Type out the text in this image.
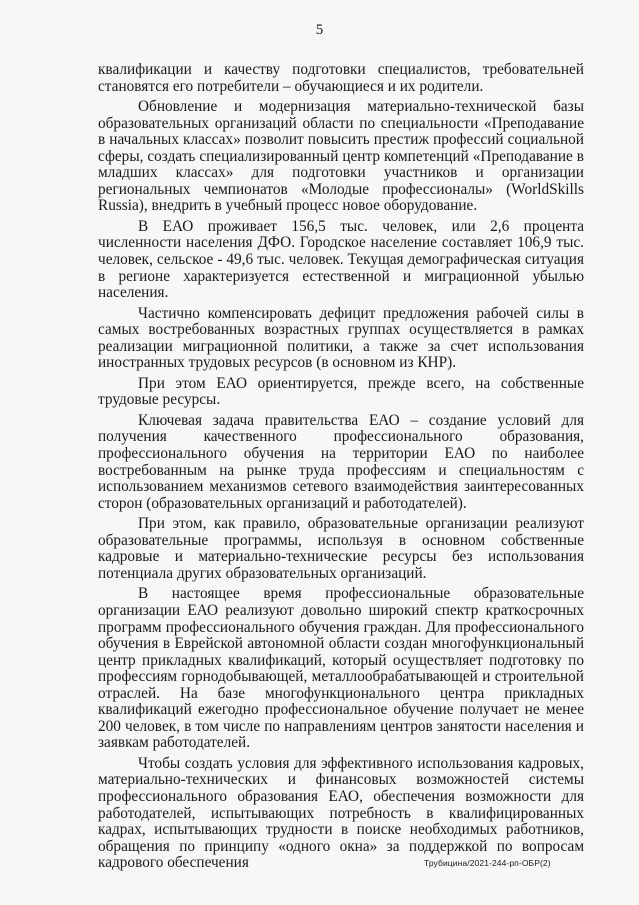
5

квалификации и качеству подготовки специалистов, требовательней становятся его потребители – обучающиеся и их родители.

Обновление и модернизация материально-технической базы образовательных организаций области по специальности «Преподавание в начальных классах» позволит повысить престиж профессий социальной сферы, создать специализированный центр компетенций «Преподавание в младших классах» для подготовки участников и организации региональных чемпионатов «Молодые профессионалы» (WorldSkills Russia), внедрить в учебный процесс новое оборудование.

В ЕАО проживает 156,5 тыс. человек, или 2,6 процента численности населения ДФО. Городское население составляет 106,9 тыс. человек, сельское - 49,6 тыс. человек. Текущая демографическая ситуация в регионе характеризуется естественной и миграционной убылью населения.

Частично компенсировать дефицит предложения рабочей силы в самых востребованных возрастных группах осуществляется в рамках реализации миграционной политики, а также за счет использования иностранных трудовых ресурсов (в основном из КНР).

При этом ЕАО ориентируется, прежде всего, на собственные трудовые ресурсы.

Ключевая задача правительства ЕАО – создание условий для получения качественного профессионального образования, профессионального обучения на территории ЕАО по наиболее востребованным на рынке труда профессиям и специальностям с использованием механизмов сетевого взаимодействия заинтересованных сторон (образовательных организаций и работодателей).

При этом, как правило, образовательные организации реализуют образовательные программы, используя в основном собственные кадровые и материально-технические ресурсы без использования потенциала других образовательных организаций.

В настоящее время профессиональные образовательные организации ЕАО реализуют довольно широкий спектр краткосрочных программ профессионального обучения граждан. Для профессионального обучения в Еврейской автономной области создан многофункциональный центр прикладных квалификаций, который осуществляет подготовку по профессиям горнодобывающей, металлообрабатывающей и строительной отраслей. На базе многофункционального центра прикладных квалификаций ежегодно профессиональное обучение получает не менее 200 человек, в том числе по направлениям центров занятости населения и заявкам работодателей.

Чтобы создать условия для эффективного использования кадровых, материально-технических и финансовых возможностей системы профессионального образования ЕАО, обеспечения возможности для работодателей, испытывающих потребность в квалифицированных кадрах, испытывающих трудности в поиске необходимых работников, обращения по принципу «одного окна» за поддержкой по вопросам кадрового обеспечения	Трубицина/2021-244-рп-ОБР(2)
